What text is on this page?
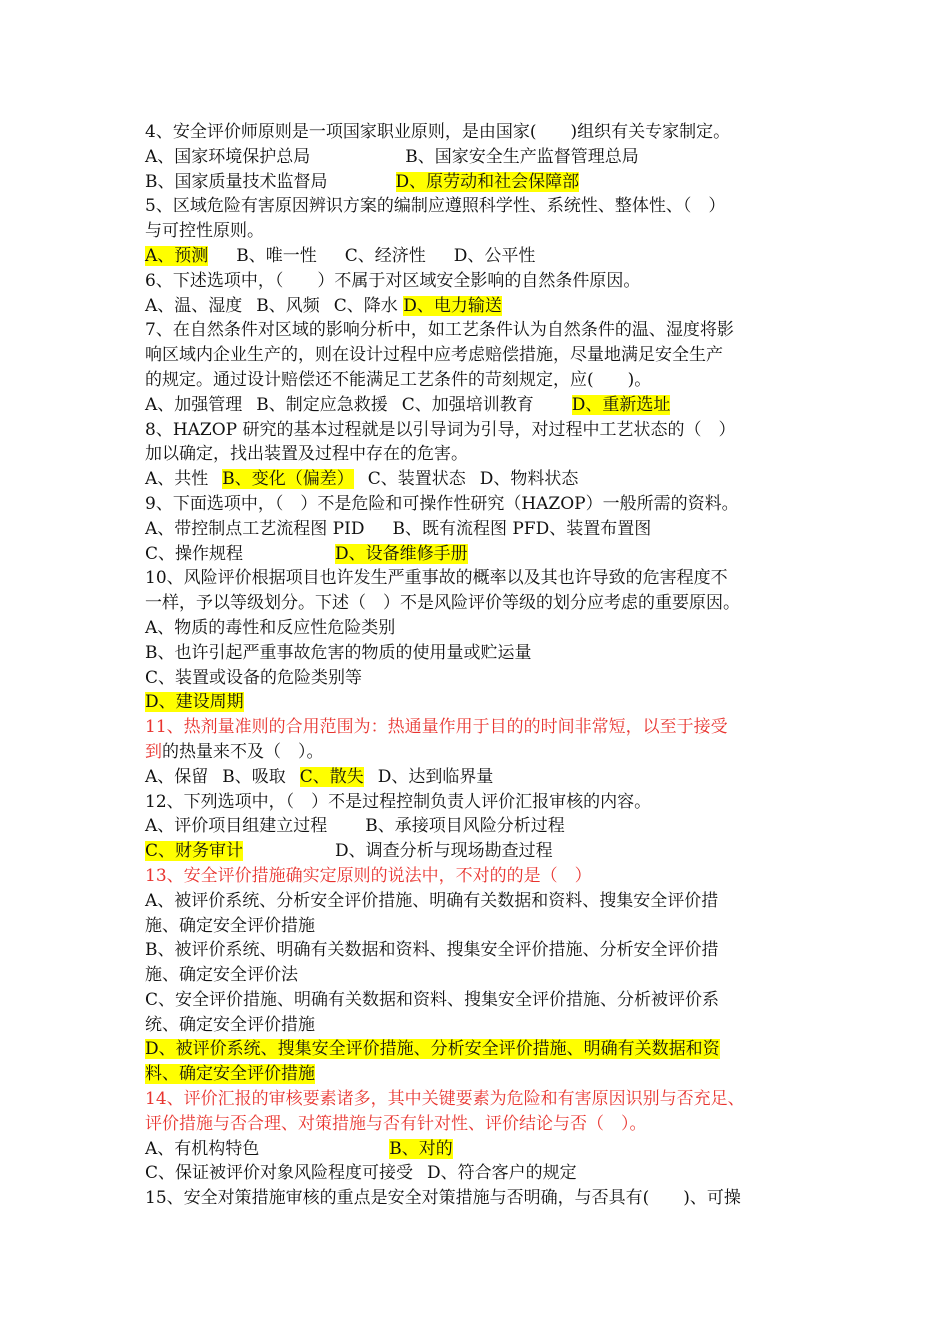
4、安全评价师原则是一项国家职业原则，是由国家(　　)组织有关专家制定。
A、国家环境保护总局	B、国家安全生产监督管理总局
B、国家质量技术监督局	D、原劳动和社会保障部
5、区域危险有害原因辨识方案的编制应遵照科学性、系统性、整体性、（　）
与可控性原则。
A、预测 B、唯一性 C、经济性 D、公平性
6、下述选项中，（　　）不属于对区域安全影响的自然条件原因。
A、温、湿度 B、风频 C、降水 D、电力输送
7、在自然条件对区域的影响分析中，如工艺条件认为自然条件的温、湿度将影
响区域内企业生产的，则在设计过程中应考虑赔偿措施，尽量地满足安全生产
的规定。通过设计赔偿还不能满足工艺条件的苛刻规定，应(　　)。
A、加强管理 B、制定应急救援 C、加强培训教育 D、重新选址
8、HAZOP 研究的基本过程就是以引导词为引导，对过程中工艺状态的（　）
加以确定，找出装置及过程中存在的危害。
A、共性 B、变化（偏差） C、装置状态 D、物料状态
9、下面选项中，（　）不是危险和可操作性研究（HAZOP）一般所需的资料。
A、带控制点工艺流程图 PID B、既有流程图 PFD、装置布置图
C、操作规程	D、设备维修手册
10、风险评价根据项目也许发生严重事故的概率以及其也许导致的危害程度不
一样，予以等级划分。下述（　）不是风险评价等级的划分应考虑的重要原因。
A、物质的毒性和反应性危险类别
B、也许引起严重事故危害的物质的使用量或贮运量
C、装置或设备的危险类别等
D、建设周期
11、热剂量准则的合用范围为：热通量作用于目的的时间非常短，以至于接受
到的热量来不及（　）。
A、保留 B、吸取 C、散失 D、达到临界量
12、下列选项中，（　）不是过程控制负责人评价汇报审核的内容。
A、评价项目组建立过程 B、承接项目风险分析过程
C、财务审计	D、调查分析与现场勘查过程
13、安全评价措施确实定原则的说法中，不对的的是（　）
A、被评价系统、分析安全评价措施、明确有关数据和资料、搜集安全评价措
施、确定安全评价措施
B、被评价系统、明确有关数据和资料、搜集安全评价措施、分析安全评价措
施、确定安全评价法
C、安全评价措施、明确有关数据和资料、搜集安全评价措施、分析被评价系
统、确定安全评价措施
D、被评价系统、搜集安全评价措施、分析安全评价措施、明确有关数据和资
料、确定安全评价措施
14、评价汇报的审核要素诸多，其中关键要素为危险和有害原因识别与否充足、
评价措施与否合理、对策措施与否有针对性、评价结论与否（　）。
A、有机构特色	B、对的
C、保证被评价对象风险程度可接受 D、符合客户的规定
15、安全对策措施审核的重点是安全对策措施与否明确，与否具有(　　)、可操
